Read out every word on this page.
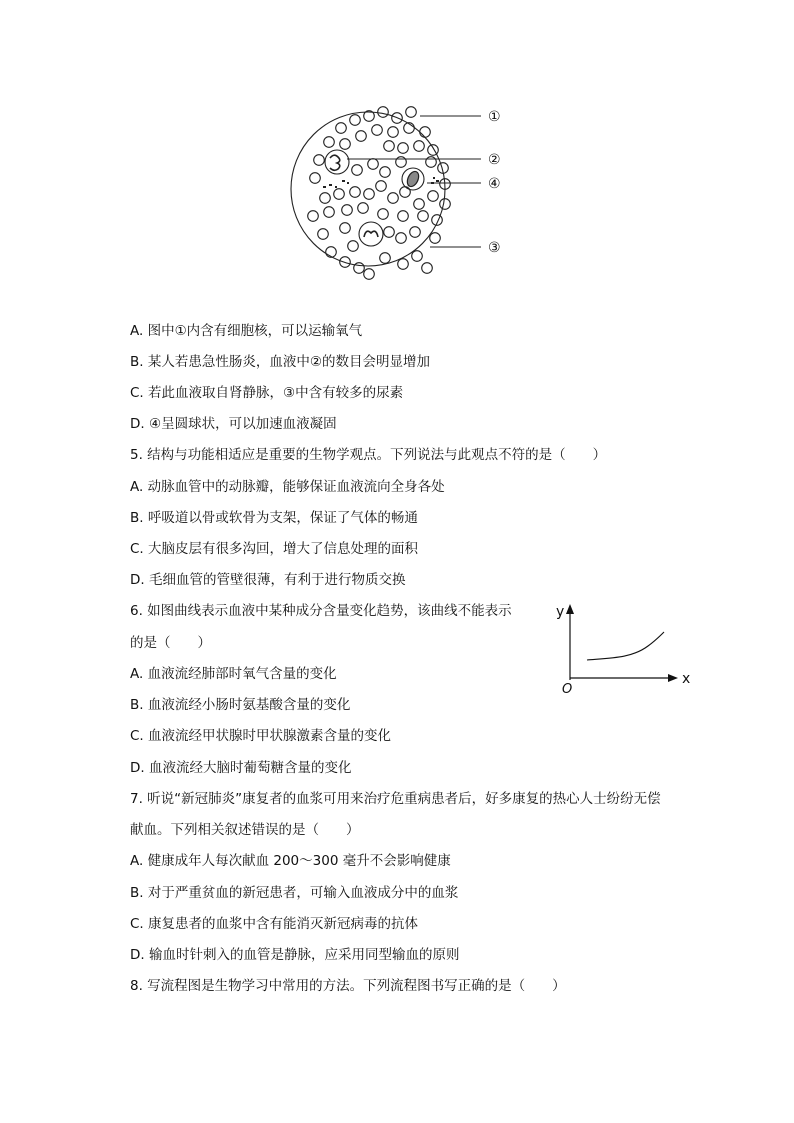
①
②
④
③
A. 图中①内含有细胞核，可以运输氧气
B. 某人若患急性肠炎，血液中②的数目会明显增加
C. 若此血液取自肾静脉，③中含有较多的尿素
D. ④呈圆球状，可以加速血液凝固
5. 结构与功能相适应是重要的生物学观点。下列说法与此观点不符的是（　　）
A. 动脉血管中的动脉瓣，能够保证血液流向全身各处
B. 呼吸道以骨或软骨为支架，保证了气体的畅通
C. 大脑皮层有很多沟回，增大了信息处理的面积
D. 毛细血管的管壁很薄，有利于进行物质交换
6. 如图曲线表示血液中某种成分含量变化趋势，该曲线不能表示
的是（　　）
A. 血液流经肺部时氧气含量的变化
B. 血液流经小肠时氨基酸含量的变化
C. 血液流经甲状腺时甲状腺激素含量的变化
D. 血液流经大脑时葡萄糖含量的变化
y
x
O
7. 听说“新冠肺炎”康复者的血浆可用来治疗危重病患者后，好多康复的热心人士纷纷无偿
献血。下列相关叙述错误的是（　　）
A. 健康成年人每次献血 200～300 毫升不会影响健康
B. 对于严重贫血的新冠患者，可输入血液成分中的血浆
C. 康复患者的血浆中含有能消灭新冠病毒的抗体
D. 输血时针刺入的血管是静脉，应采用同型输血的原则
8. 写流程图是生物学习中常用的方法。下列流程图书写正确的是（　　）
